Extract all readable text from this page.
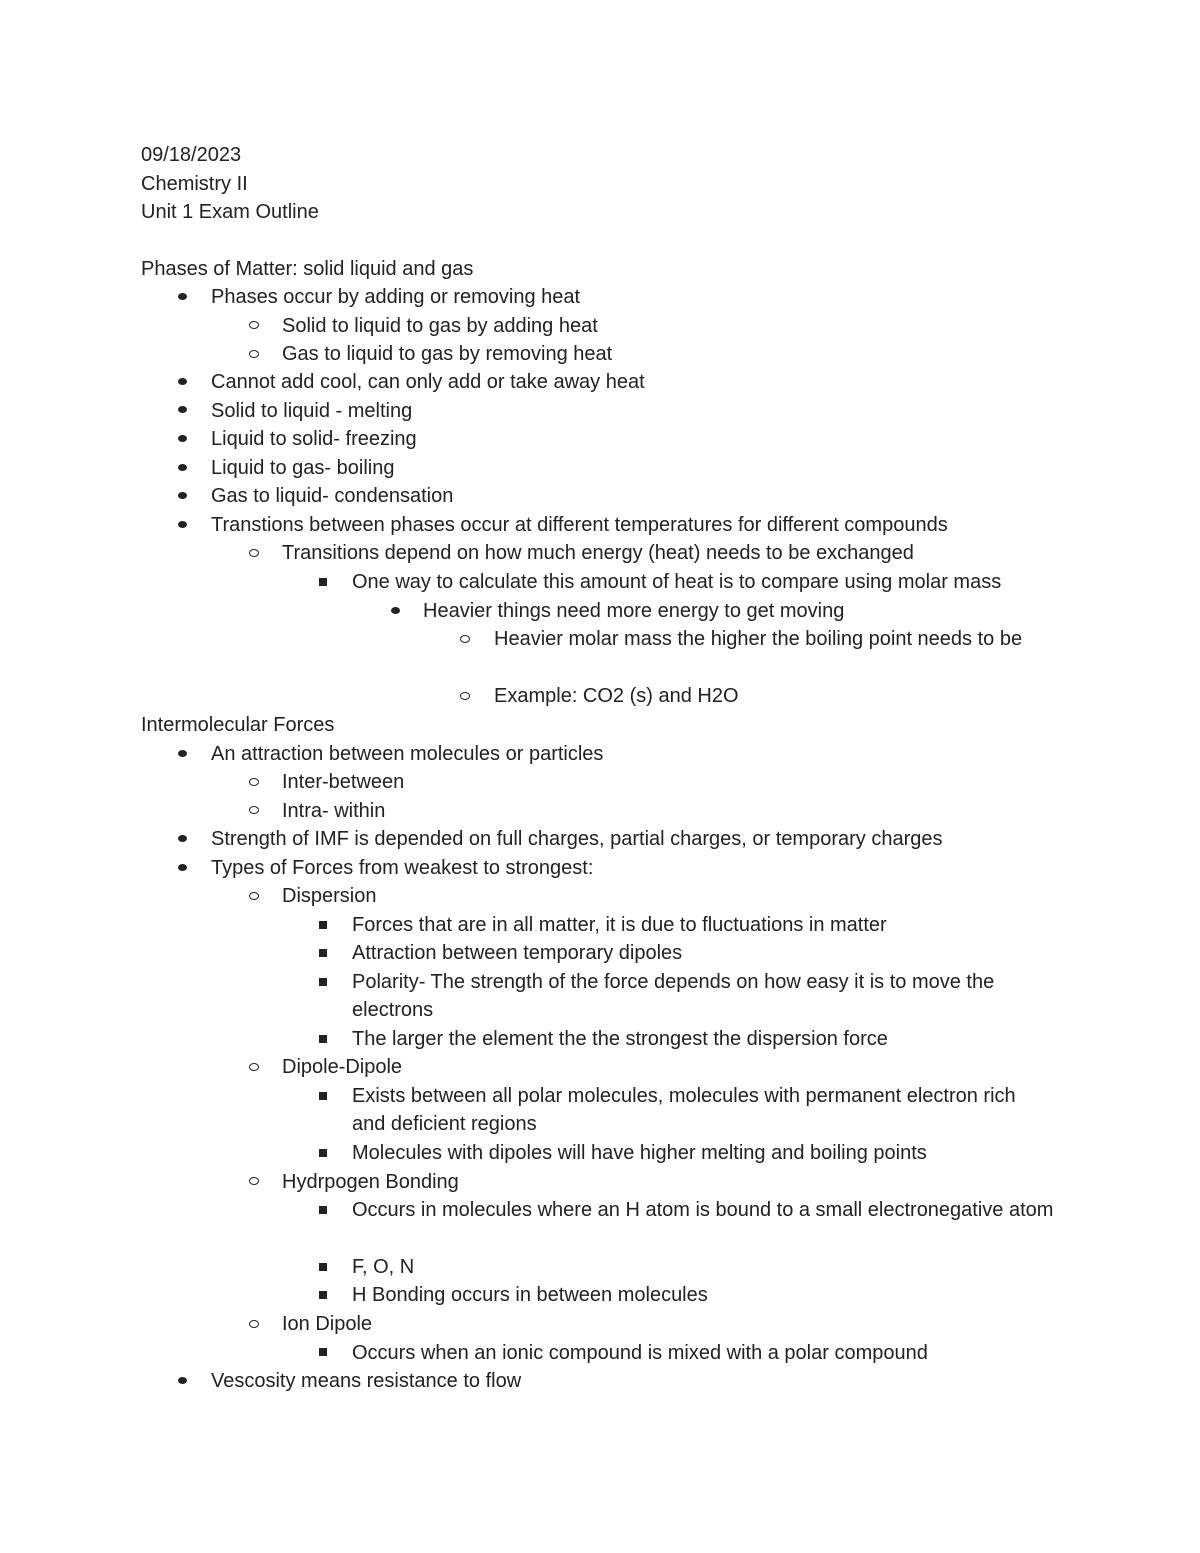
09/18/2023
Chemistry II
Unit 1 Exam Outline
Phases of Matter: solid liquid and gas
Phases occur by adding or removing heat
Solid to liquid to gas by adding heat
Gas to liquid to gas by removing heat
Cannot add cool, can only add or take away heat
Solid to liquid - melting
Liquid to solid- freezing
Liquid to gas- boiling
Gas to liquid- condensation
Transtions between phases occur at different temperatures for different compounds
Transitions depend on how much energy (heat) needs to be exchanged
One way to calculate this amount of heat is to compare using molar mass
Heavier things need more energy to get moving
Heavier molar mass the higher the boiling point needs to be
Example: CO2 (s) and H2O
Intermolecular Forces
An attraction between molecules or particles
Inter-between
Intra- within
Strength of IMF is depended on full charges, partial charges, or temporary charges
Types of Forces from weakest to strongest:
Dispersion
Forces that are in all matter, it is due to fluctuations in matter
Attraction between temporary dipoles
Polarity- The strength of the force depends on how easy it is to move the electrons
The larger the element the the strongest the dispersion force
Dipole-Dipole
Exists between all polar molecules, molecules with permanent electron rich and deficient regions
Molecules with dipoles will have higher melting and boiling points
Hydrpogen Bonding
Occurs in molecules where an H atom is bound to a small electronegative atom
F, O, N
H Bonding occurs in between molecules
Ion Dipole
Occurs when an ionic compound is mixed with a polar compound
Vescosity means resistance to flow
